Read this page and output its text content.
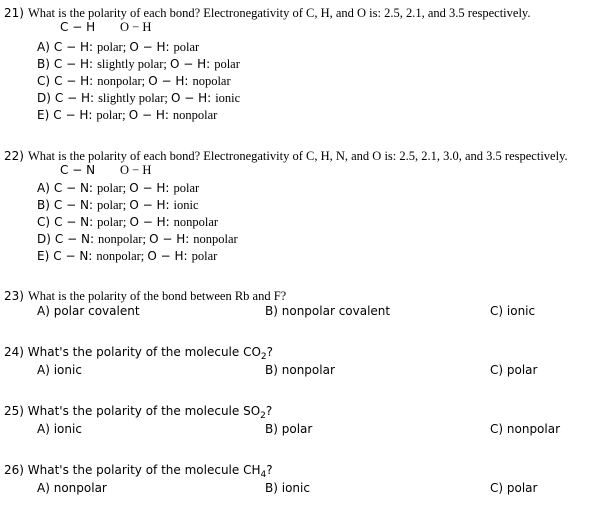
21) What is the polarity of each bond? Electronegativity of C, H, and O is: 2.5, 2.1, and 3.5 respectively.
C − H O − H
A) C − H: polar; O − H: polar
B) C − H: slightly polar; O − H: polar
C) C − H: nonpolar; O − H: nopolar
D) C − H: slightly polar; O − H: ionic
E) C − H: polar; O − H: nonpolar
22) What is the polarity of each bond? Electronegativity of C, H, N, and O is: 2.5, 2.1, 3.0, and 3.5 respectively.
C − N O − H
A) C − N: polar; O − H: polar
B) C − N: polar; O − H: ionic
C) C − N: polar; O − H: nonpolar
D) C − N: nonpolar; O − H: nonpolar
E) C − N: nonpolar; O − H: polar
23) What is the polarity of the bond between Rb and F?
A) polar covalent	B) nonpolar covalent	C) ionic
24) What's the polarity of the molecule $CO_2$?
A) ionic	B) nonpolar	C) polar
25) What's the polarity of the molecule $SO_2$?
A) ionic	B) polar	C) nonpolar
26) What's the polarity of the molecule $CH_4$?
A) nonpolar	B) ionic	C) polar
